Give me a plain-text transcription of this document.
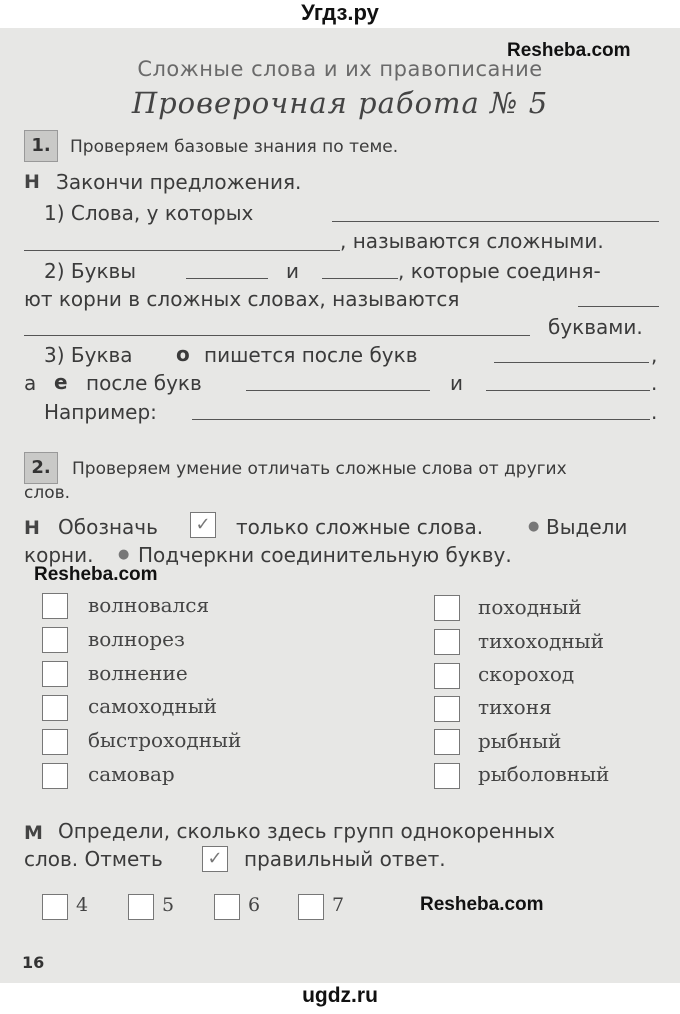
Угдз.ру
Resheba.com
Сложные слова и их правописание
Проверочная работа № 5
1.	Проверяем базовые знания по теме.
Н Закончи предложения.
1) Слова, у которых
, называются сложными.
2) Буквы	и	, которые соединя-
ют корни в сложных словах, называются
буквами.
3) Буква о пишется после букв	,
а е после букв	и	.
Например:	.
2.	Проверяем умение отличать сложные слова от других
слов.
Н Обозначь	✓ только сложные слова.	● Выдели
корни. ● Подчеркни соединительную букву.
Resheba.com
волновался
волнорез
волнение
самоходный
быстроходный
самовар
походный
тихоходный
скороход
тихоня
рыбный
рыболовный
М Определи, сколько здесь групп однокоренных
слов. Отметь	✓ правильный ответ.
4	5	6	7	Resheba.com
16
ugdz.ru
